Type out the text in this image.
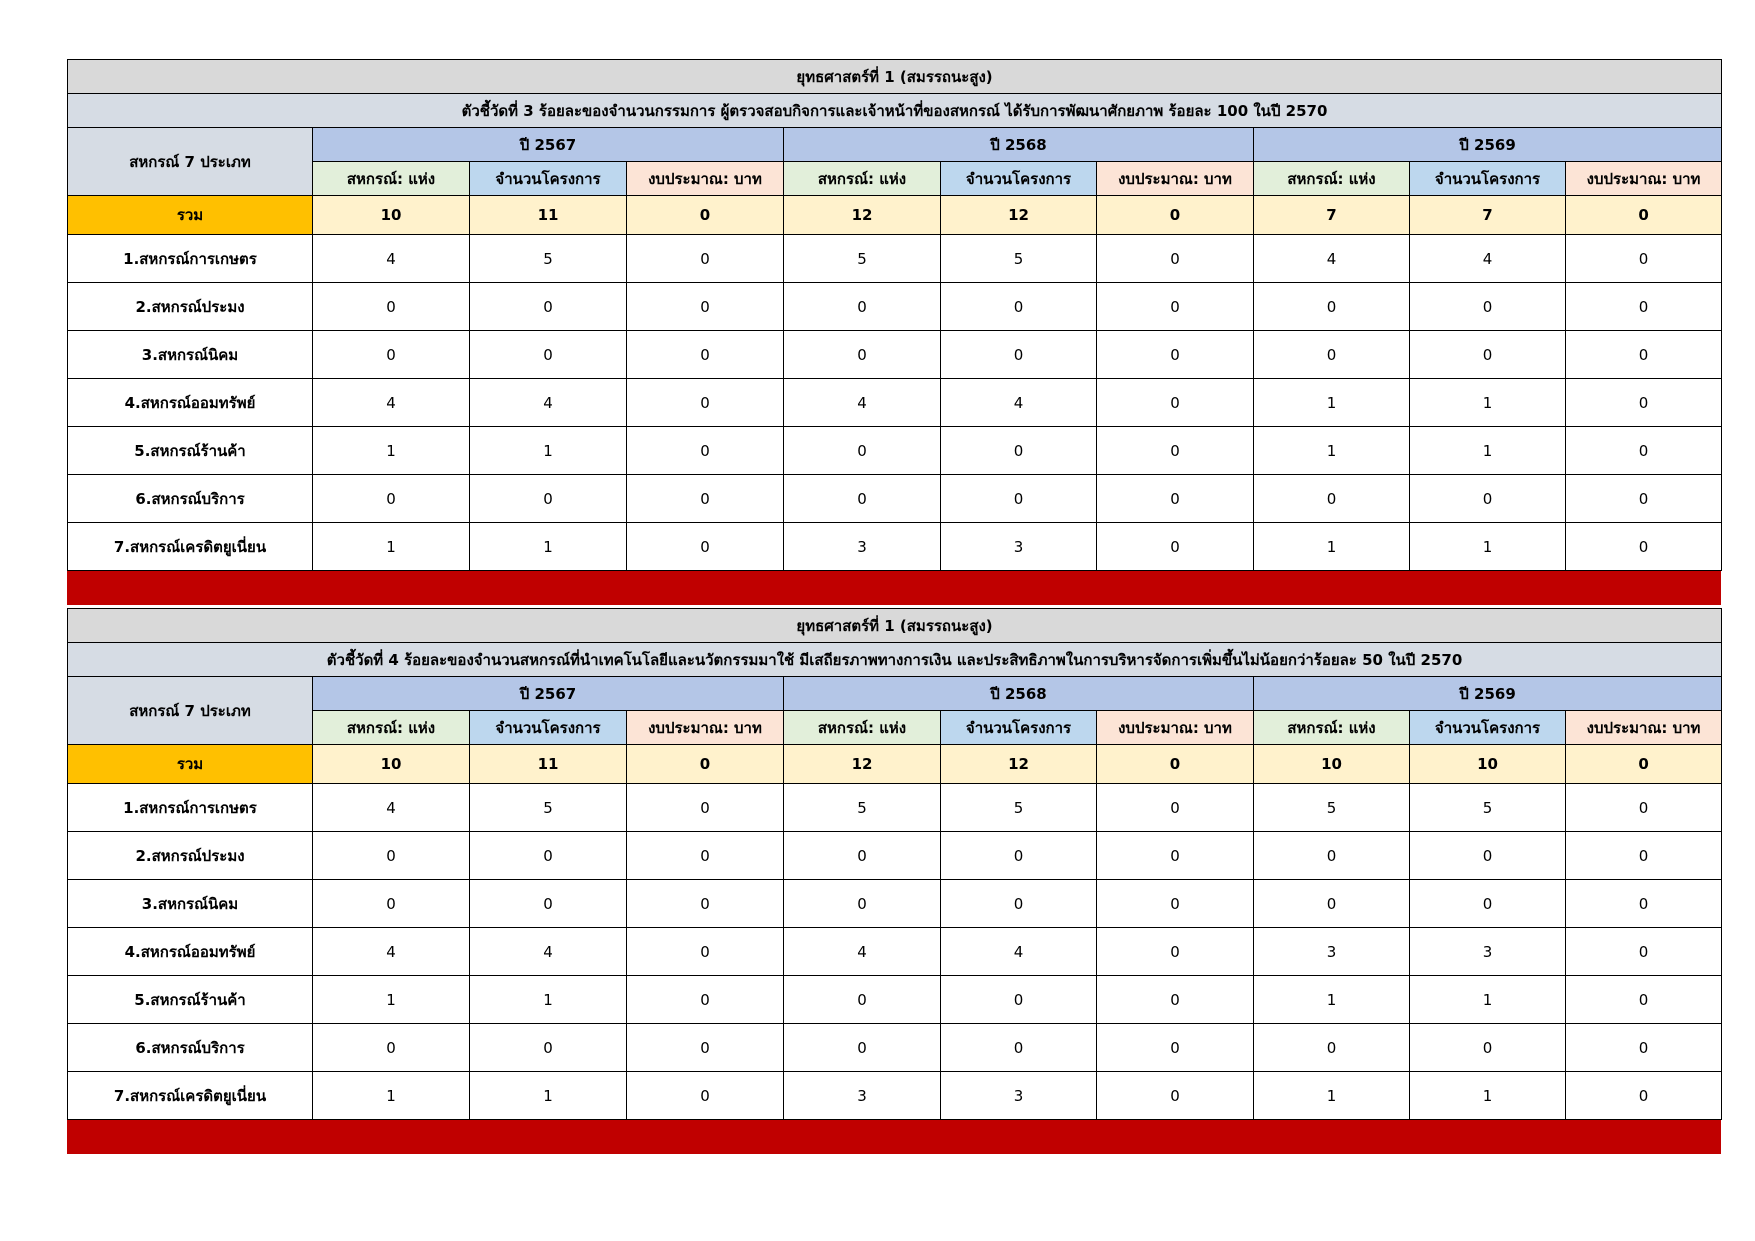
ยุทธศาสตร์ที่ 1 (สมรรถนะสูง)									
ตัวชี้วัดที่ 3 ร้อยละของจำนวนกรรมการ ผู้ตรวจสอบกิจการและเจ้าหน้าที่ของสหกรณ์ ได้รับการพัฒนาศักยภาพ ร้อยละ 100 ในปี 2570									
สหกรณ์ 7 ประเภท	ปี 2567			ปี 2568			ปี 2569		
	สหกรณ์: แห่ง	จำนวนโครงการ	งบประมาณ: บาท	สหกรณ์: แห่ง	จำนวนโครงการ	งบประมาณ: บาท	สหกรณ์: แห่ง	จำนวนโครงการ	งบประมาณ: บาท
รวม	10	11	0	12	12	0	7	7	0
1.สหกรณ์การเกษตร	4	5	0	5	5	0	4	4	0
2.สหกรณ์ประมง	0	0	0	0	0	0	0	0	0
3.สหกรณ์นิคม	0	0	0	0	0	0	0	0	0
4.สหกรณ์ออมทรัพย์	4	4	0	4	4	0	1	1	0
5.สหกรณ์ร้านค้า	1	1	0	0	0	0	1	1	0
6.สหกรณ์บริการ	0	0	0	0	0	0	0	0	0
7.สหกรณ์เครดิตยูเนี่ยน	1	1	0	3	3	0	1	1	0
ยุทธศาสตร์ที่ 1 (สมรรถนะสูง)									
ตัวชี้วัดที่ 4 ร้อยละของจำนวนสหกรณ์ที่นำเทคโนโลยีและนวัตกรรมมาใช้ มีเสถียรภาพทางการเงิน และประสิทธิภาพในการบริหารจัดการเพิ่มขึ้นไม่น้อยกว่าร้อยละ 50 ในปี 2570									
สหกรณ์ 7 ประเภท	ปี 2567			ปี 2568			ปี 2569		
	สหกรณ์: แห่ง	จำนวนโครงการ	งบประมาณ: บาท	สหกรณ์: แห่ง	จำนวนโครงการ	งบประมาณ: บาท	สหกรณ์: แห่ง	จำนวนโครงการ	งบประมาณ: บาท
รวม	10	11	0	12	12	0	10	10	0
1.สหกรณ์การเกษตร	4	5	0	5	5	0	5	5	0
2.สหกรณ์ประมง	0	0	0	0	0	0	0	0	0
3.สหกรณ์นิคม	0	0	0	0	0	0	0	0	0
4.สหกรณ์ออมทรัพย์	4	4	0	4	4	0	3	3	0
5.สหกรณ์ร้านค้า	1	1	0	0	0	0	1	1	0
6.สหกรณ์บริการ	0	0	0	0	0	0	0	0	0
7.สหกรณ์เครดิตยูเนี่ยน	1	1	0	3	3	0	1	1	0
